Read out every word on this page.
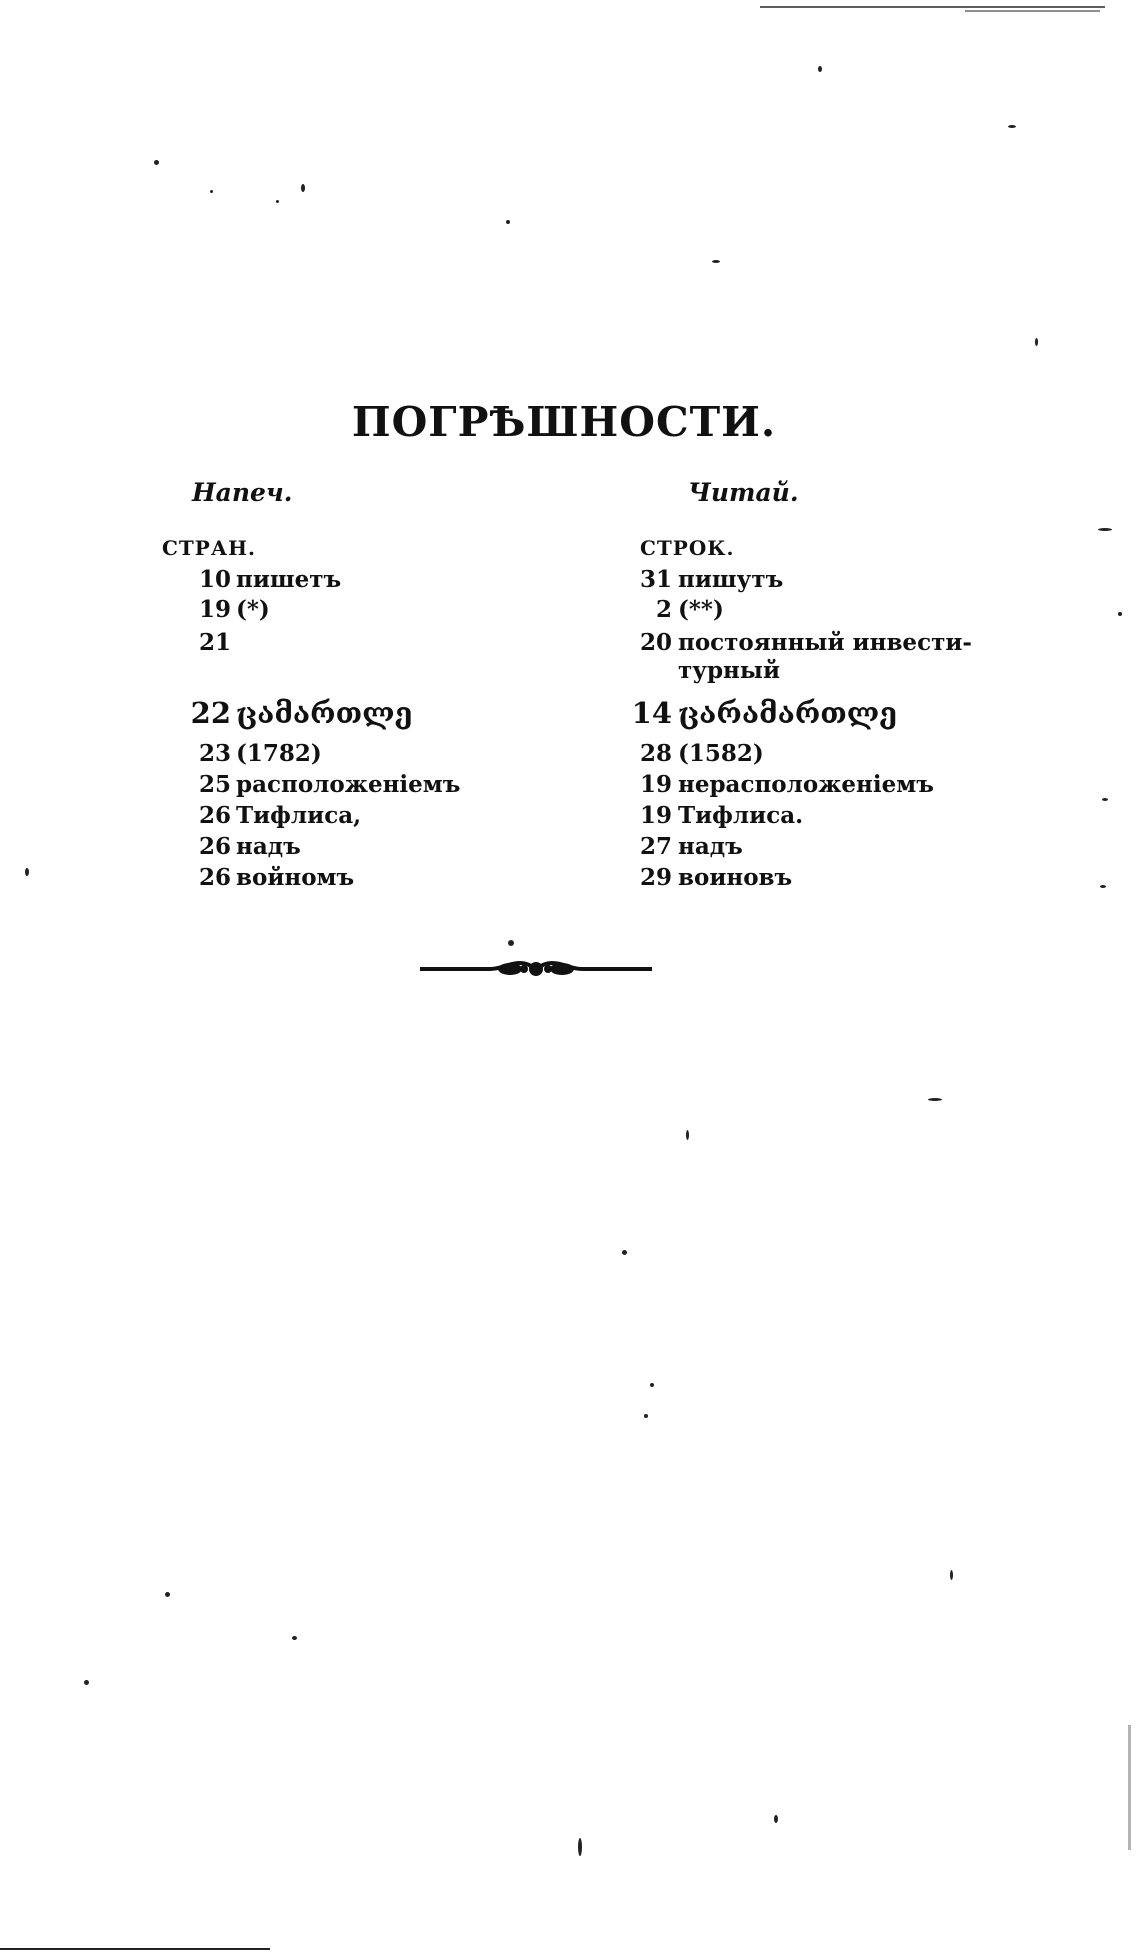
ПОГРѢШНОСТИ.
Напеч.	Читай.
СТРАН.	СТРОК.
10 пишетъ	31 пишутъ
19 (*)	2 (**)
21	20 постоянный инвести-
турный
22 ცამართლე	14 ცარამართლე
23 (1782)	28 (1582)
25 расположеніемъ	19 нерасположеніемъ
26 Тифлиса,	19 Тифлиса.
26 надъ	27 надъ
26 войномъ	29 воиновъ
